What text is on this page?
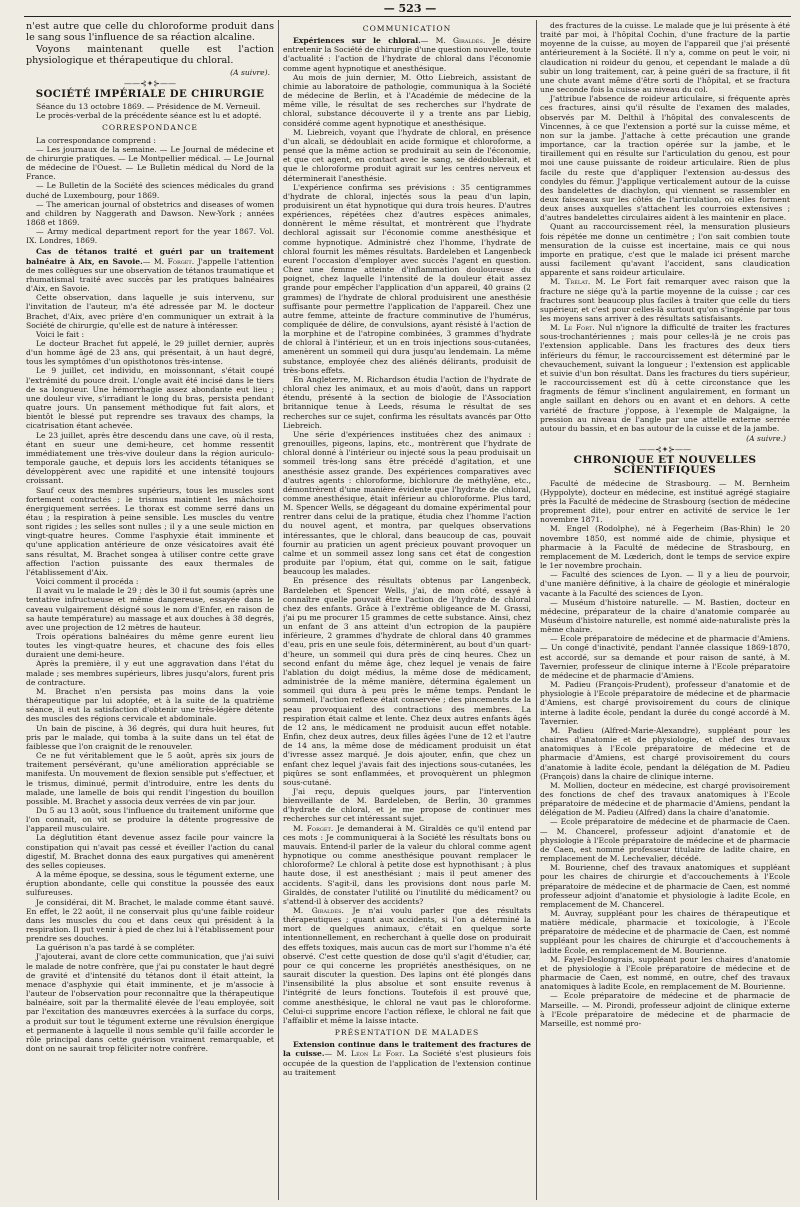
— 523 —

n'est autre que celle du chloroforme produit dans le sang sous l'influence de sa réaction alcaline.

Voyons maintenant quelle est l'action physiologique et thérapeutique du chloral.

(A suivre).
——⊰✦⊱——
SOCIÉTÉ IMPÉRIALE DE CHIRURGIE

Séance du 13 octobre 1869. — Présidence de M. Verneuil.

Le procès-verbal de la précédente séance est lu et adopté.

CORRESPONDANCE

La correspondance comprend :

— Les journaux de la semaine. — Le Journal de médecine et de chirurgie pratiques. — Le Montpellier médical. — Le Journal de médecine de l'Ouest. — Le Bulletin médical du Nord de la France.

— Le Bulletin de la Société des sciences médicales du grand duché de Luxembourg, pour 1869.

— The american journal of obstetrics and diseases of women and children by Naggerath and Dawson. New-York ; années 1868 et 1869.

— Army medical department report for the year 1867. Vol. IX. Londres, 1869.

Cas de tétanos traité et guéri par un traitement balnéaire à Aix, en Savoie.— M. Forget. J'appelle l'attention de mes collègues sur une observation de tétanos traumatique et rhumatismal traité avec succès par les pratiques balnéaires d'Aix, en Savoie.

Cette observation, dans laquelle je suis intervenu, sur l'invitation de l'auteur, m'a été adressée par M. le docteur Brachet, d'Aix, avec prière d'en communiquer un extrait à la Société de chirurgie, qu'elle est de nature à intéresser.

Voici le fait :

Le docteur Brachet fut appelé, le 29 juillet dernier, auprès d'un homme âgé de 23 ans, qui présentait, à un haut degré, tous les symptômes d'un opisthotonos très-intense.

Le 9 juillet, cet individu, en moissonnant, s'était coupé l'extrémité du pouce droit. L'ongle avait été incisé dans le tiers de sa longueur. Une hémorrhagie assez abondante eut lieu ; une douleur vive, s'irradiant le long du bras, persista pendant quatre jours. Un pansement méthodique fut fait alors, et bientôt le blessé put reprendre ses travaux des champs, la cicatrisation étant achevée.

Le 23 juillet, après être descendu dans une cave, où il resta, étant en sueur une demi-heure, cet homme ressentit immédiatement une très-vive douleur dans la région auriculo-temporale gauche, et depuis lors les accidents tétaniques se développèrent avec une rapidité et une intensité toujours croissant.

Sauf ceux des membres supérieurs, tous les muscles sont fortement contractés ; le trismus maintient les mâchoires énergiquement serrées. Le thorax est comme serré dans un étau ; la respiration à peine sensible. Les muscles du ventre sont rigides ; les selles sont nulles ; il y a une seule miction en vingt-quatre heures. Comme l'asphyxie était imminente et qu'une application antérieure de onze vésicatoires avait été sans résultat, M. Brachet songea à utiliser contre cette grave affection l'action puissante des eaux thermales de l'établissement d'Aix.

Voici comment il procéda :

Il avait vu le malade le 29 ; dès le 30 il fut soumis (après une tentative infructueuse et même dangereuse, essayée dans le caveau vulgairement désigné sous le nom d'Enfer, en raison de sa haute température) au massage et aux douches à 38 degrés, avec une projection de 12 mètres de hauteur.

Trois opérations balnéaires du même genre eurent lieu toutes les vingt-quatre heures, et chacune des fois elles duraient une demi-heure.

Après la première, il y eut une aggravation dans l'état du malade ; ses membres supérieurs, libres jusqu'alors, furent pris de contracture.

M. Brachet n'en persista pas moins dans la voie thérapeutique par lui adoptée, et à la suite de la quatrième séance, il eut la satisfaction d'obtenir une très-légère détente des muscles des régions cervicale et abdominale.

Un bain de piscine, à 36 degrés, qui dura huit heures, fut pris par le malade, qui tomba à la suite dans un tel état de faiblesse que l'on craignit de le renouveler.

Ce ne fut véritablement que le 5 août, après six jours de traitement persévérant, qu'une amélioration appréciable se manifesta. Un mouvement de flexion sensible put s'effectuer, et le trismus, diminué, permit d'introduire, entre les dents du malade, une lamelle de bois qui rendit l'ingestion du bouillon possible. M. Brachet y associa deux verrées de vin par jour.

Du 5 au 13 août, sous l'influence du traitement uniforme que l'on connaît, on vit se produire la détente progressive de l'appareil musculaire.

La déglutition étant devenue assez facile pour vaincre la constipation qui n'avait pas cessé et éveiller l'action du canal digestif, M. Brachet donna des eaux purgatives qui amenèrent des selles copieuses.

A la même époque, se dessina, sous le tégument externe, une éruption abondante, celle qui constitue la poussée des eaux sulfureuses.

Je considérai, dit M. Brachet, le malade comme étant sauvé. En effet, le 22 août, il ne conservait plus qu'une faible roideur dans les muscles du cou et dans ceux qui président à la respiration. Il put venir à pied de chez lui à l'établissement pour prendre ses douches.

La guérison n'a pas tardé à se compléter.

J'ajouterai, avant de clore cette communication, que j'ai suivi le malade de notre confrère, que j'ai pu constater le haut degré de gravité et d'intensité du tétanos dont il était atteint, la menace d'asphyxie qui était imminente, et je m'associe à l'auteur de l'observation pour reconnaître que la thérapeutique balnéaire, soit par la thermalité élevée de l'eau employée, soit par l'excitation des manœuvres exercées à la surface du corps, a produit sur tout le tégument externe une révulsion énergique et permanente à laquelle il nous semble qu'il faille accorder le rôle principal dans cette guérison vraiment remarquable, et dont on ne saurait trop féliciter notre confrère.

COMMUNICATION

Expériences sur le chloral.— M. Giraldès. Je désire entretenir la Société de chirurgie d'une question nouvelle, toute d'actualité : l'action de l'hydrate de chloral dans l'économie comme agent hypnotique et anesthésique.

Au mois de juin dernier, M. Otto Liebreich, assistant de chimie au laboratoire de pathologie, communiqua à la Société de médecine de Berlin, et à l'Académie de médecine de la même ville, le résultat de ses recherches sur l'hydrate de chloral, substance découverte il y a trente ans par Liebig, considéré comme agent hypnotique et anesthésique.

M. Liebreich, voyant que l'hydrate de chloral, en présence d'un alcali, se dédoublait en acide formique et chloroforme, a pensé que la même action se produirait au sein de l'économie, et que cet agent, en contact avec le sang, se dédoublerait, et que le chloroforme produit agirait sur les centres nerveux et déterminerait l'anesthésie.

L'expérience confirma ses prévisions : 35 centigrammes d'hydrate de chloral, injectés sous la peau d'un lapin, produisirent un état hypnotique qui dura trois heures. D'autres expériences, répétées chez d'autres espèces animales, donnèrent le même résultat, et montrèrent que l'hydrate dechloral agissait sur l'économie comme anesthésique et comme hypnotique. Administré chez l'homme, l'hydrate de chloral fournit les mêmes résultats. Bardeleben et Langenbeck eurent l'occasion d'employer avec succès l'agent en question. Chez une femme atteinte d'inflammation douloureuse du poignet, chez laquelle l'intensité de la douleur était assez grande pour empêcher l'application d'un appareil, 40 grains (2 grammes) de l'hydrate de chloral produisirent une anesthésie suffisante pour permettre l'application de l'appareil. Chez une autre femme, atteinte de fracture comminutive de l'humérus, compliquée de délire, de convulsions, ayant résisté à l'action de la morphine et de l'atropine combinées, 3 grammes d'hydrate de chloral à l'intérieur, et un en trois injections sous-cutanées, amenèrent un sommeil qui dura jusqu'au lendemain. La même substance, employée chez des aliénés délirants, produisit de très-bons effets.

En Angleterre, M. Richardson étudia l'action de l'hydrate de chloral chez les animaux, et au mois d'août, dans un rapport étendu, présenté à la section de biologie de l'Association britannique tenue à Leeds, résuma le résultat de ses recherches sur ce sujet, confirma les résultats avancés par Otto Liebreich.

Une série d'expériences instituées chez des animaux : grenouilles, pigeons, lapins, etc., montrèrent que l'hydrate de chloral donné à l'intérieur ou injecté sous la peau produisait un sommeil très-long sans être précédé d'agitation, et une anesthésie assez grande. Des expériences comparatives avec d'autres agents : chloroforme, bichlorure de méthylène, etc., démontrèrent d'une manière évidente que l'hydrate de chloral, comme anesthésique, était inférieur au chloroforme. Plus tard, M. Spencer Wells, se dégageant du domaine expérimental pour rentrer dans celui de la pratique, étudia chez l'homme l'action du nouvel agent, et montra, par quelques observations intéressantes, que le chloral, dans beaucoup de cas, pouvait fournir au praticien un agent précieux pouvant provoquer un calme et un sommeil assez long sans cet état de congestion produite par l'opium, état qui, comme on le sait, fatigue beaucoup les malades.

En présence des résultats obtenus par Langenbeck, Bardeleben et Spencer Wells, j'ai, de mon côté, essayé à connaître quelle pouvait être l'action de l'hydrate de chloral chez des enfants. Grâce à l'extrême obligeance de M. Grassi, j'ai pu me procurer 15 grammes de cette substance. Ainsi, chez un enfant de 3 ans atteint d'un ectropion de la paupière inférieure, 2 grammes d'hydrate de chloral dans 40 grammes d'eau, pris en une seule fois, déterminèrent, au bout d'un quart-d'heure, un sommeil qui dura près de cinq heures. Chez un second enfant du même âge, chez lequel je venais de faire l'ablation du doigt médius, la même dose de médicament, administrée de la même manière, détermina également un sommeil qui dura à peu près le même temps. Pendant le sommeil, l'action reflexe était conservée ; des pincements de la peau provoquaient des contractions des membres. La respiration était calme et lente. Chez deux autres enfants âgés de 12 ans, le médicament ne produisit aucun effet notable. Enfin, chez deux autres, deux filles âgées l'une de 12 et l'autre de 14 ans, la même dose de médicament produisit un état d'ivresse assez marqué. Je dois ajouter, enfin, que chez un enfant chez lequel j'avais fait des injections sous-cutanées, les piqûres se sont enflammées, et provoquèrent un phlegmon sous-cutané.

J'ai reçu, depuis quelques jours, par l'intervention bienveillante de M. Bardeleben, de Berlin, 30 grammes d'hydrate de chloral, et je me propose de continuer mes recherches sur cet intéressant sujet.

M. Forget. Je demanderai à M. Giraldès ce qu'il entend par ces mots : Je communiquerai à la Société les résultats bons ou mauvais. Entend-il parler de la valeur du chloral comme agent hypnotique ou comme anesthésique pouvant remplacer le chloroforme? Le chloral à petite dose est hypnothisant ; à plus haute dose, il est anesthésiant ; mais il peut amener des accidents. S'agit-il, dans les provisions dont nous parle M. Giraldès, de constater l'utilité ou l'inutilité du médicament? ou s'attend-il à observer des accidents?

M. Giraldès. Je n'ai voulu parler que des résultats thérapeutiques ; quant aux accidents, si l'on a déterminé la mort de quelques animaux, c'était en quelque sorte intentionnellement, en recherchant à quelle dose on produirait des effets toxiques, mais aucun cas de mort sur l'homme n'a été observé. C'est cette question de dose qu'il s'agit d'étudier, car, pour ce qui concerne les propriétés anesthésiques, on ne saurait discuter la question. Des lapins ont été plongés dans l'insensibilité la plus absolue et sont ensuite revenus à l'intégrité de leurs fonctions. Toutefois il est prouvé que, comme anesthésique, le chloral ne vaut pas le chloroforme. Celui-ci supprime encore l'action réflexe, le chloral ne fait que l'affaiblir et même la laisse intacte.

PRÉSENTATION DE MALADES

Extension continue dans le traitement des fractures de la cuisse.— M. Léon Le Fort. La Société s'est plusieurs fois occupée de la question de l'application de l'extension continue au traitement

des fractures de la cuisse. Le malade que je lui présente à été traité par moi, à l'hôpital Cochin, d'une fracture de la partie moyenne de la cuisse, au moyen de l'appareil que j'ai présenté antérieurement à la Société. Il n'y a, comme on peut le voir, ni claudication ni roideur du genou, et cependant le malade a dû subir un long traitement, car, à peine guéri de sa fracture, il fit une chute avant même d'être sorti de l'hôpital, et se fractura une seconde fois la cuisse au niveau du col.

J'attribue l'absence de roideur articulaire, si fréquente après ces fractures, ainsi qu'il résulte de l'examen des malades, observés par M. Delthil à l'hôpital des convalescents de Vincennes, à ce que l'extension a porté sur la cuisse même, et non sur la jambe. J'attache à cette précaution une grande importance, car la traction opérée sur la jambe, et le tiraillement qui en résulte sur l'articulation du genou, est pour moi une cause puissante de roideur articulaire. Rien de plus facile du reste que d'appliquer l'extension au-dessus des condyles du fémur. J'applique verticalement autour de la cuisse des bandelettes de diachylon, qui viennent se rassembler en deux faisceaux sur les côtés de l'articulation, où elles forment deux anses auxquelles s'attachent les courroies extensives ; d'autres bandelettes circulaires aident à les maintenir en place.

Quant au raccourcissement réel, la mensuration plusieurs fois répétée me donne un centimètre ; l'on sait combien toute mensuration de la cuisse est incertaine, mais ce qui nous importe en pratique, c'est que le malade ici présent marche aussi facilement qu'avant l'accident, sans claudication apparente et sans roideur articulaire.

M. Trélat. M. Le Fort fait remarquer avec raison que la fracture ne siége qu'à la partie moyenne de la cuisse ; car ces fractures sont beaucoup plus faciles à traiter que celle du tiers supérieur, et c'est pour celles-là surtout qu'on s'ingénie par tous les moyens sans arriver à des résultats satisfaisants.

M. Le Fort. Nul n'ignore la difficulté de traiter les fractures sous-trochantériennes ; mais pour celles-là je ne crois pas l'extension applicable. Dans les fractures des deux tiers inférieurs du fémur, le raccourcissement est déterminé par le chevauchement, suivant la longueur ; l'extension est applicable et suivie d'un bon résultat. Dans les fractures du tiers supérieur, le raccourcissement est dû à cette circonstance que les fragments de fémur s'inclinent angulairement, en formant un angle saillant en dehors ou en avant et en dehors. A cette variété de fracture j'oppose, à l'exemple de Malgaigne, la pression au niveau de l'angle par une attelle externe serrée autour du bassin, et en bas autour de la cuisse et de la jambe.

(A suivre.)
——⊰✦⊱——
CHRONIQUE ET NOUVELLES SCIENTIFIQUES

Faculté de médecine de Strasbourg. — M. Bernheim (Hyppolyte), docteur en médecine, est institué agrégé stagiaire près la Faculté de médecine de Strasbourg (section de médecine proprement dite), pour entrer en activité de service le 1er novembre 1871.

M. Engel (Rodolphe), né à Fegerheim (Bas-Rhin) le 20 novembre 1850, est nommé aide de chimie, physique et pharmacie à la Faculté de médecine de Strasbourg, en remplacement de M. Lœderich, dont le temps de service expire le 1er novembre prochain.

— Faculté des sciences de Lyon. — Il y a lieu de pourvoir, d'une manière définitive, à la chaire de géologie et minéralogie vacante à la Faculté des sciences de Lyon.

— Muséum d'histoire naturelle. — M. Bastien, docteur en médecine, préparateur de la chaire d'anatomie comparée au Muséum d'histoire naturelle, est nommé aide-naturaliste près la même chaire.

— Ecole préparatoire de médecine et de pharmacie d'Amiens. — Un congé d'inactivité, pendant l'année classique 1869-1870, est accordé, sur sa demande et pour raison de santé, à M. Tavernier, professeur de clinique interne à l'Ecole préparatoire de médecine et de pharmacie d'Amiens.

M. Padieu (François-Prudent), professeur d'anatomie et de physiologie à l'Ecole préparatoire de médecine et de pharmacie d'Amiens, est chargé provisoirement du cours de clinique interne à ladite école, pendant la durée du congé accordé à M. Tavernier.

M. Padieu (Alfred-Marie-Alexandre), suppléant pour les chaires d'anatomie et de physiologie, et chef des travaux anatomiques à l'Ecole préparatoire de médecine et de pharmacie d'Amiens, est chargé provisoirement du cours d'anatomie à ladite école, pendant la délégation de M. Padieu (François) dans la chaire de clinique interne.

M. Mollien, docteur en médecine, est chargé provisoirement des fonctions de chef des travaux anatomiques à l'Ecole préparatoire de médecine et de pharmacie d'Amiens, pendant la délégation de M. Padieu (Alfred) dans la chaire d'anatomie.

— Ecole préparatoire de médecine et de pharmacie de Caen. — M. Chancerel, professeur adjoint d'anatomie et de physiologie à l'Ecole préparatoire de médecine et de pharmacie de Caen, est nommé professeur titulaire de ladite chaire, en remplacement de M. Lechevalier, décédé.

M. Bourienne, chef des travaux anatomiques et suppléant pour les chaires de chirurgie et d'accouchements à l'Ecole préparatoire de médecine et de pharmacie de Caen, est nommé professeur adjoint d'anatomie et physiologie à ladite Ecole, en remplacement de M. Chancerel.

M. Auvray, suppléant pour les chaires de thérapeutique et matière médicale, pharmacie et toxicologie, à l'Ecole préparatoire de médecine et de pharmacie de Caen, est nommé suppléant pour les chaires de chirurgie et d'accouchements à ladite École, en remplacement de M. Bourienne.

M. Fayel-Deslongrais, suppléant pour les chaires d'anatomie et de physiologie à l'Ecole préparatoire de médecine et de pharmacie de Caen, est nommé, en outre, chef des travaux anatomiques à ladite Ecole, en remplacement de M. Bourienne.

— Ecole préparatoire de médecine et de pharmacie de Marseille. — M. Pirondi, professeur adjoint de clinique externe à l'Ecole préparatoire de médecine et de pharmacie de Marseille, est nommé pro-
